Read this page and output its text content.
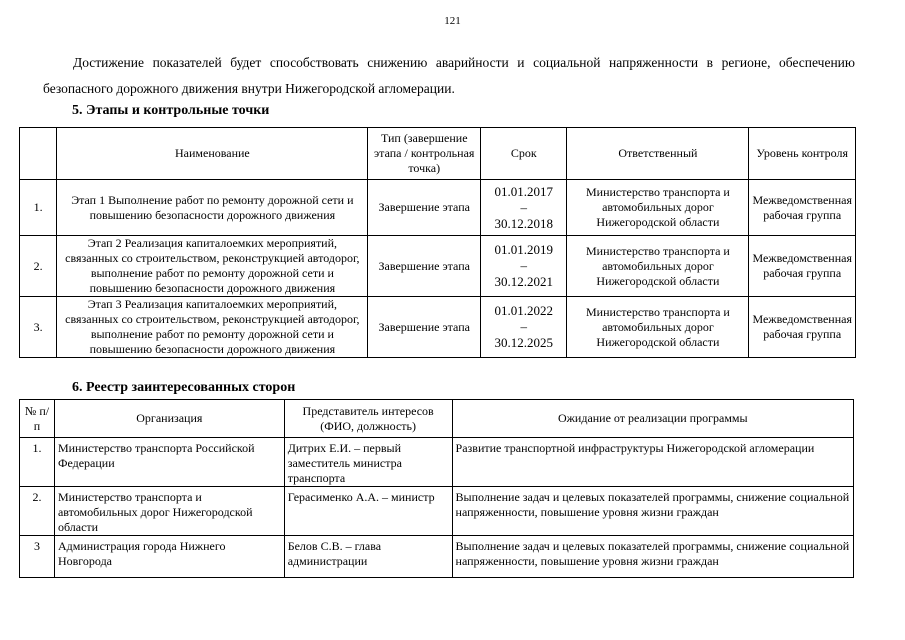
121
Достижение показателей будет способствовать снижению аварийности и социальной напряженности в регионе, обеспечению безопасного дорожного движения внутри Нижегородской агломерации.
5. Этапы и контрольные точки
	Наименование	Тип (завершение этапа / контрольная точка)	Срок	Ответственный	Уровень контроля
1.	Этап 1 Выполнение работ по ремонту дорожной сети и повышению безопасности дорожного движения	Завершение этапа	01.01.2017
–
30.12.2018	Министерство транспорта и автомобильных дорог Нижегородской области	Межведомственная рабочая группа
2.	Этап 2 Реализация капиталоемких мероприятий, связанных со строительством, реконструкцией автодорог, выполнение работ по ремонту дорожной сети и повышению безопасности дорожного движения	Завершение этапа	01.01.2019
–
30.12.2021	Министерство транспорта и автомобильных дорог Нижегородской области	Межведомственная рабочая группа
3.	Этап 3 Реализация капиталоемких мероприятий, связанных со строительством, реконструкцией автодорог, выполнение работ по ремонту дорожной сети и повышению безопасности дорожного движения	Завершение этапа	01.01.2022
–
30.12.2025	Министерство транспорта и автомобильных дорог Нижегородской области	Межведомственная рабочая группа
6. Реестр заинтересованных сторон
№ п/п	Организация	Представитель интересов (ФИО, должность)	Ожидание от реализации программы
1.	Министерство транспорта Российской Федерации	Дитрих Е.И. – первый заместитель министра транспорта	Развитие транспортной инфраструктуры Нижегородской агломерации
2.	Министерство транспорта и автомобильных дорог Нижегородской области	Герасименко А.А. – министр	Выполнение задач и целевых показателей программы, снижение социальной напряженности, повышение уровня жизни граждан
3	Администрация города Нижнего Новгорода	Белов С.В. – глава администрации	Выполнение задач и целевых показателей программы, снижение социальной напряженности, повышение уровня жизни граждан
